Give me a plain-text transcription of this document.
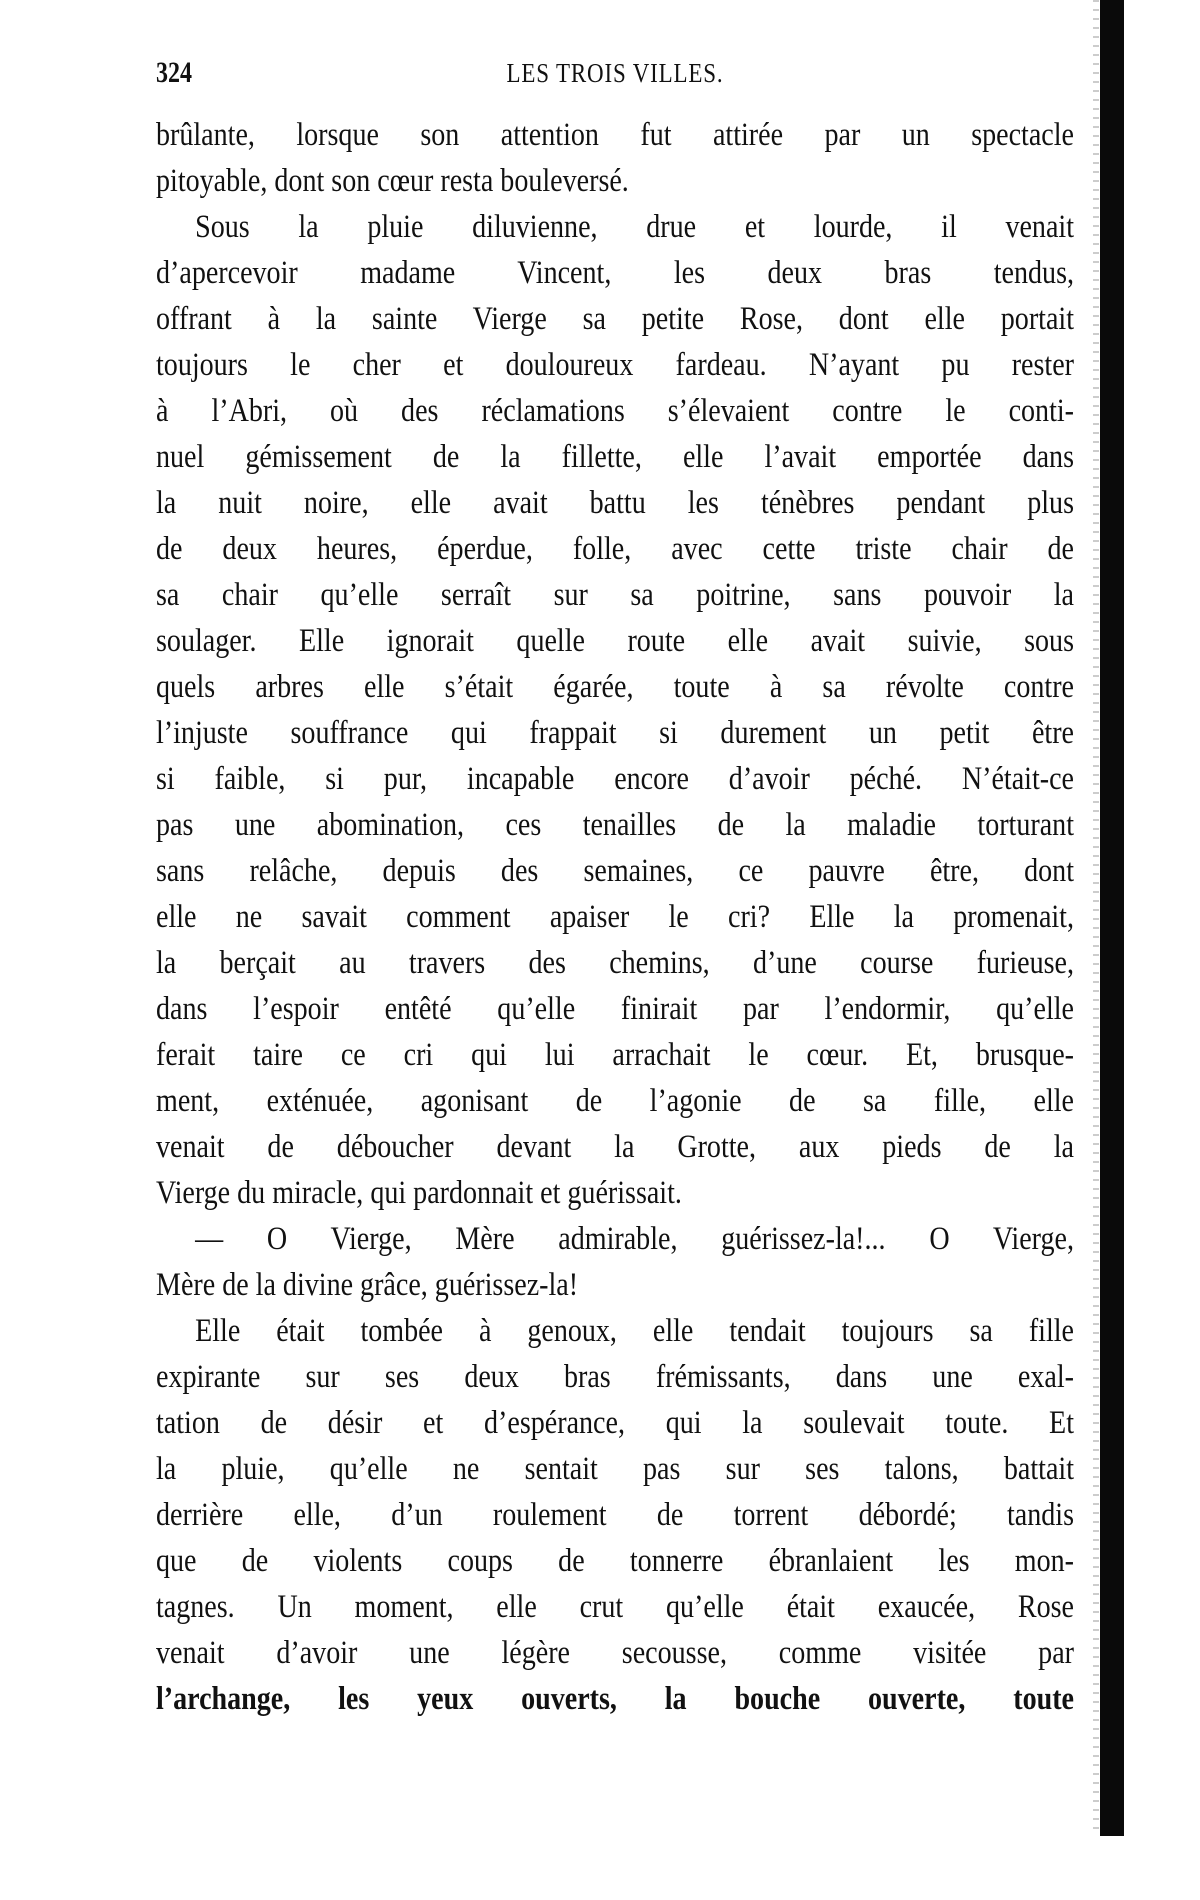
324	LES TROIS VILLES.
brûlante, lorsque son attention fut attirée par un spectacle
pitoyable, dont son cœur resta bouleversé.
Sous la pluie diluvienne, drue et lourde, il venait
d’apercevoir madame Vincent, les deux bras tendus,
offrant à la sainte Vierge sa petite Rose, dont elle portait
toujours le cher et douloureux fardeau. N’ayant pu rester
à l’Abri, où des réclamations s’élevaient contre le conti-
nuel gémissement de la fillette, elle l’avait emportée dans
la nuit noire, elle avait battu les ténèbres pendant plus
de deux heures, éperdue, folle, avec cette triste chair de
sa chair qu’elle serraît sur sa poitrine, sans pouvoir la
soulager. Elle ignorait quelle route elle avait suivie, sous
quels arbres elle s’était égarée, toute à sa révolte contre
l’injuste souffrance qui frappait si durement un petit être
si faible, si pur, incapable encore d’avoir péché. N’était-ce
pas une abomination, ces tenailles de la maladie torturant
sans relâche, depuis des semaines, ce pauvre être, dont
elle ne savait comment apaiser le cri? Elle la promenait,
la berçait au travers des chemins, d’une course furieuse,
dans l’espoir entêté qu’elle finirait par l’endormir, qu’elle
ferait taire ce cri qui lui arrachait le cœur. Et, brusque-
ment, exténuée, agonisant de l’agonie de sa fille, elle
venait de déboucher devant la Grotte, aux pieds de la
Vierge du miracle, qui pardonnait et guérissait.
— O Vierge, Mère admirable, guérissez-la!... O Vierge,
Mère de la divine grâce, guérissez-la!
Elle était tombée à genoux, elle tendait toujours sa fille
expirante sur ses deux bras frémissants, dans une exal-
tation de désir et d’espérance, qui la soulevait toute. Et
la pluie, qu’elle ne sentait pas sur ses talons, battait
derrière elle, d’un roulement de torrent débordé; tandis
que de violents coups de tonnerre ébranlaient les mon-
tagnes. Un moment, elle crut qu’elle était exaucée, Rose
venait d’avoir une légère secousse, comme visitée par
l’archange, les yeux ouverts, la bouche ouverte, toute
